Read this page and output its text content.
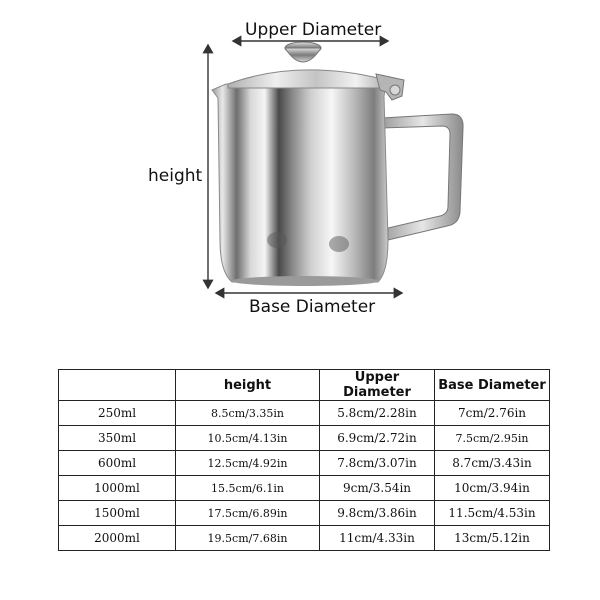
Upper Diameter
height
Base Diameter
	height	Upper Diameter	Base Diameter
250ml	8.5cm/3.35in	5.8cm/2.28in	7cm/2.76in
350ml	10.5cm/4.13in	6.9cm/2.72in	7.5cm/2.95in
600ml	12.5cm/4.92in	7.8cm/3.07in	8.7cm/3.43in
1000ml	15.5cm/6.1in	9cm/3.54in	10cm/3.94in
1500ml	17.5cm/6.89in	9.8cm/3.86in	11.5cm/4.53in
2000ml	19.5cm/7.68in	11cm/4.33in	13cm/5.12in
